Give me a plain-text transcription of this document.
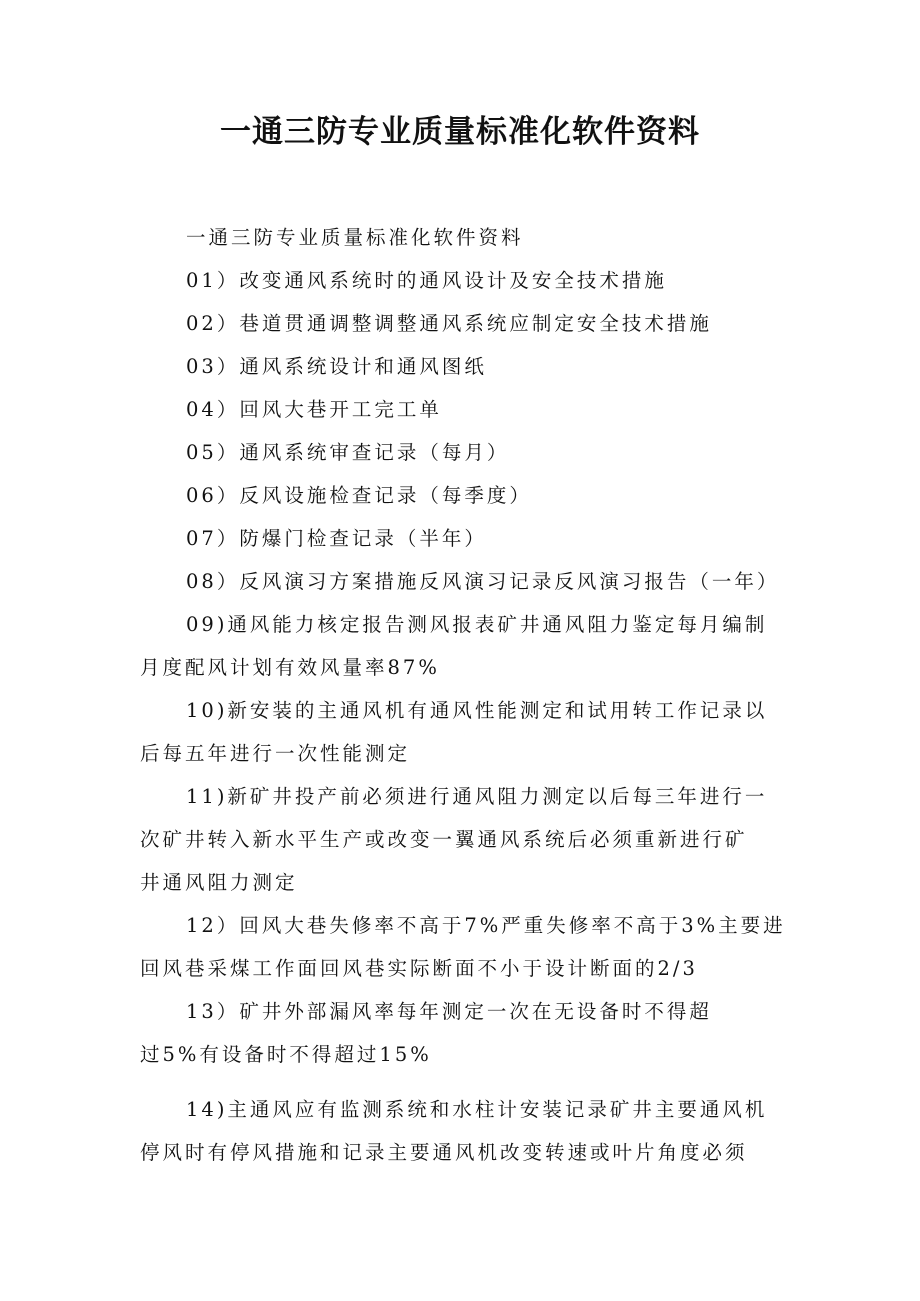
一通三防专业质量标准化软件资料
一通三防专业质量标准化软件资料
01）改变通风系统时的通风设计及安全技术措施
02）巷道贯通调整调整通风系统应制定安全技术措施
03）通风系统设计和通风图纸
04）回风大巷开工完工单
05）通风系统审查记录（每月）
06）反风设施检查记录（每季度）
07）防爆门检查记录（半年）
08）反风演习方案措施反风演习记录反风演习报告（一年）
09)通风能力核定报告测风报表矿井通风阻力鉴定每月编制
月度配风计划有效风量率87%
10)新安装的主通风机有通风性能测定和试用转工作记录以
后每五年进行一次性能测定
11)新矿井投产前必须进行通风阻力测定以后每三年进行一
次矿井转入新水平生产或改变一翼通风系统后必须重新进行矿
井通风阻力测定
12）回风大巷失修率不高于7%严重失修率不高于3%主要进
回风巷采煤工作面回风巷实际断面不小于设计断面的2/3
13）矿井外部漏风率每年测定一次在无设备时不得超
过5%有设备时不得超过15%
14)主通风应有监测系统和水柱计安装记录矿井主要通风机
停风时有停风措施和记录主要通风机改变转速或叶片角度必须
